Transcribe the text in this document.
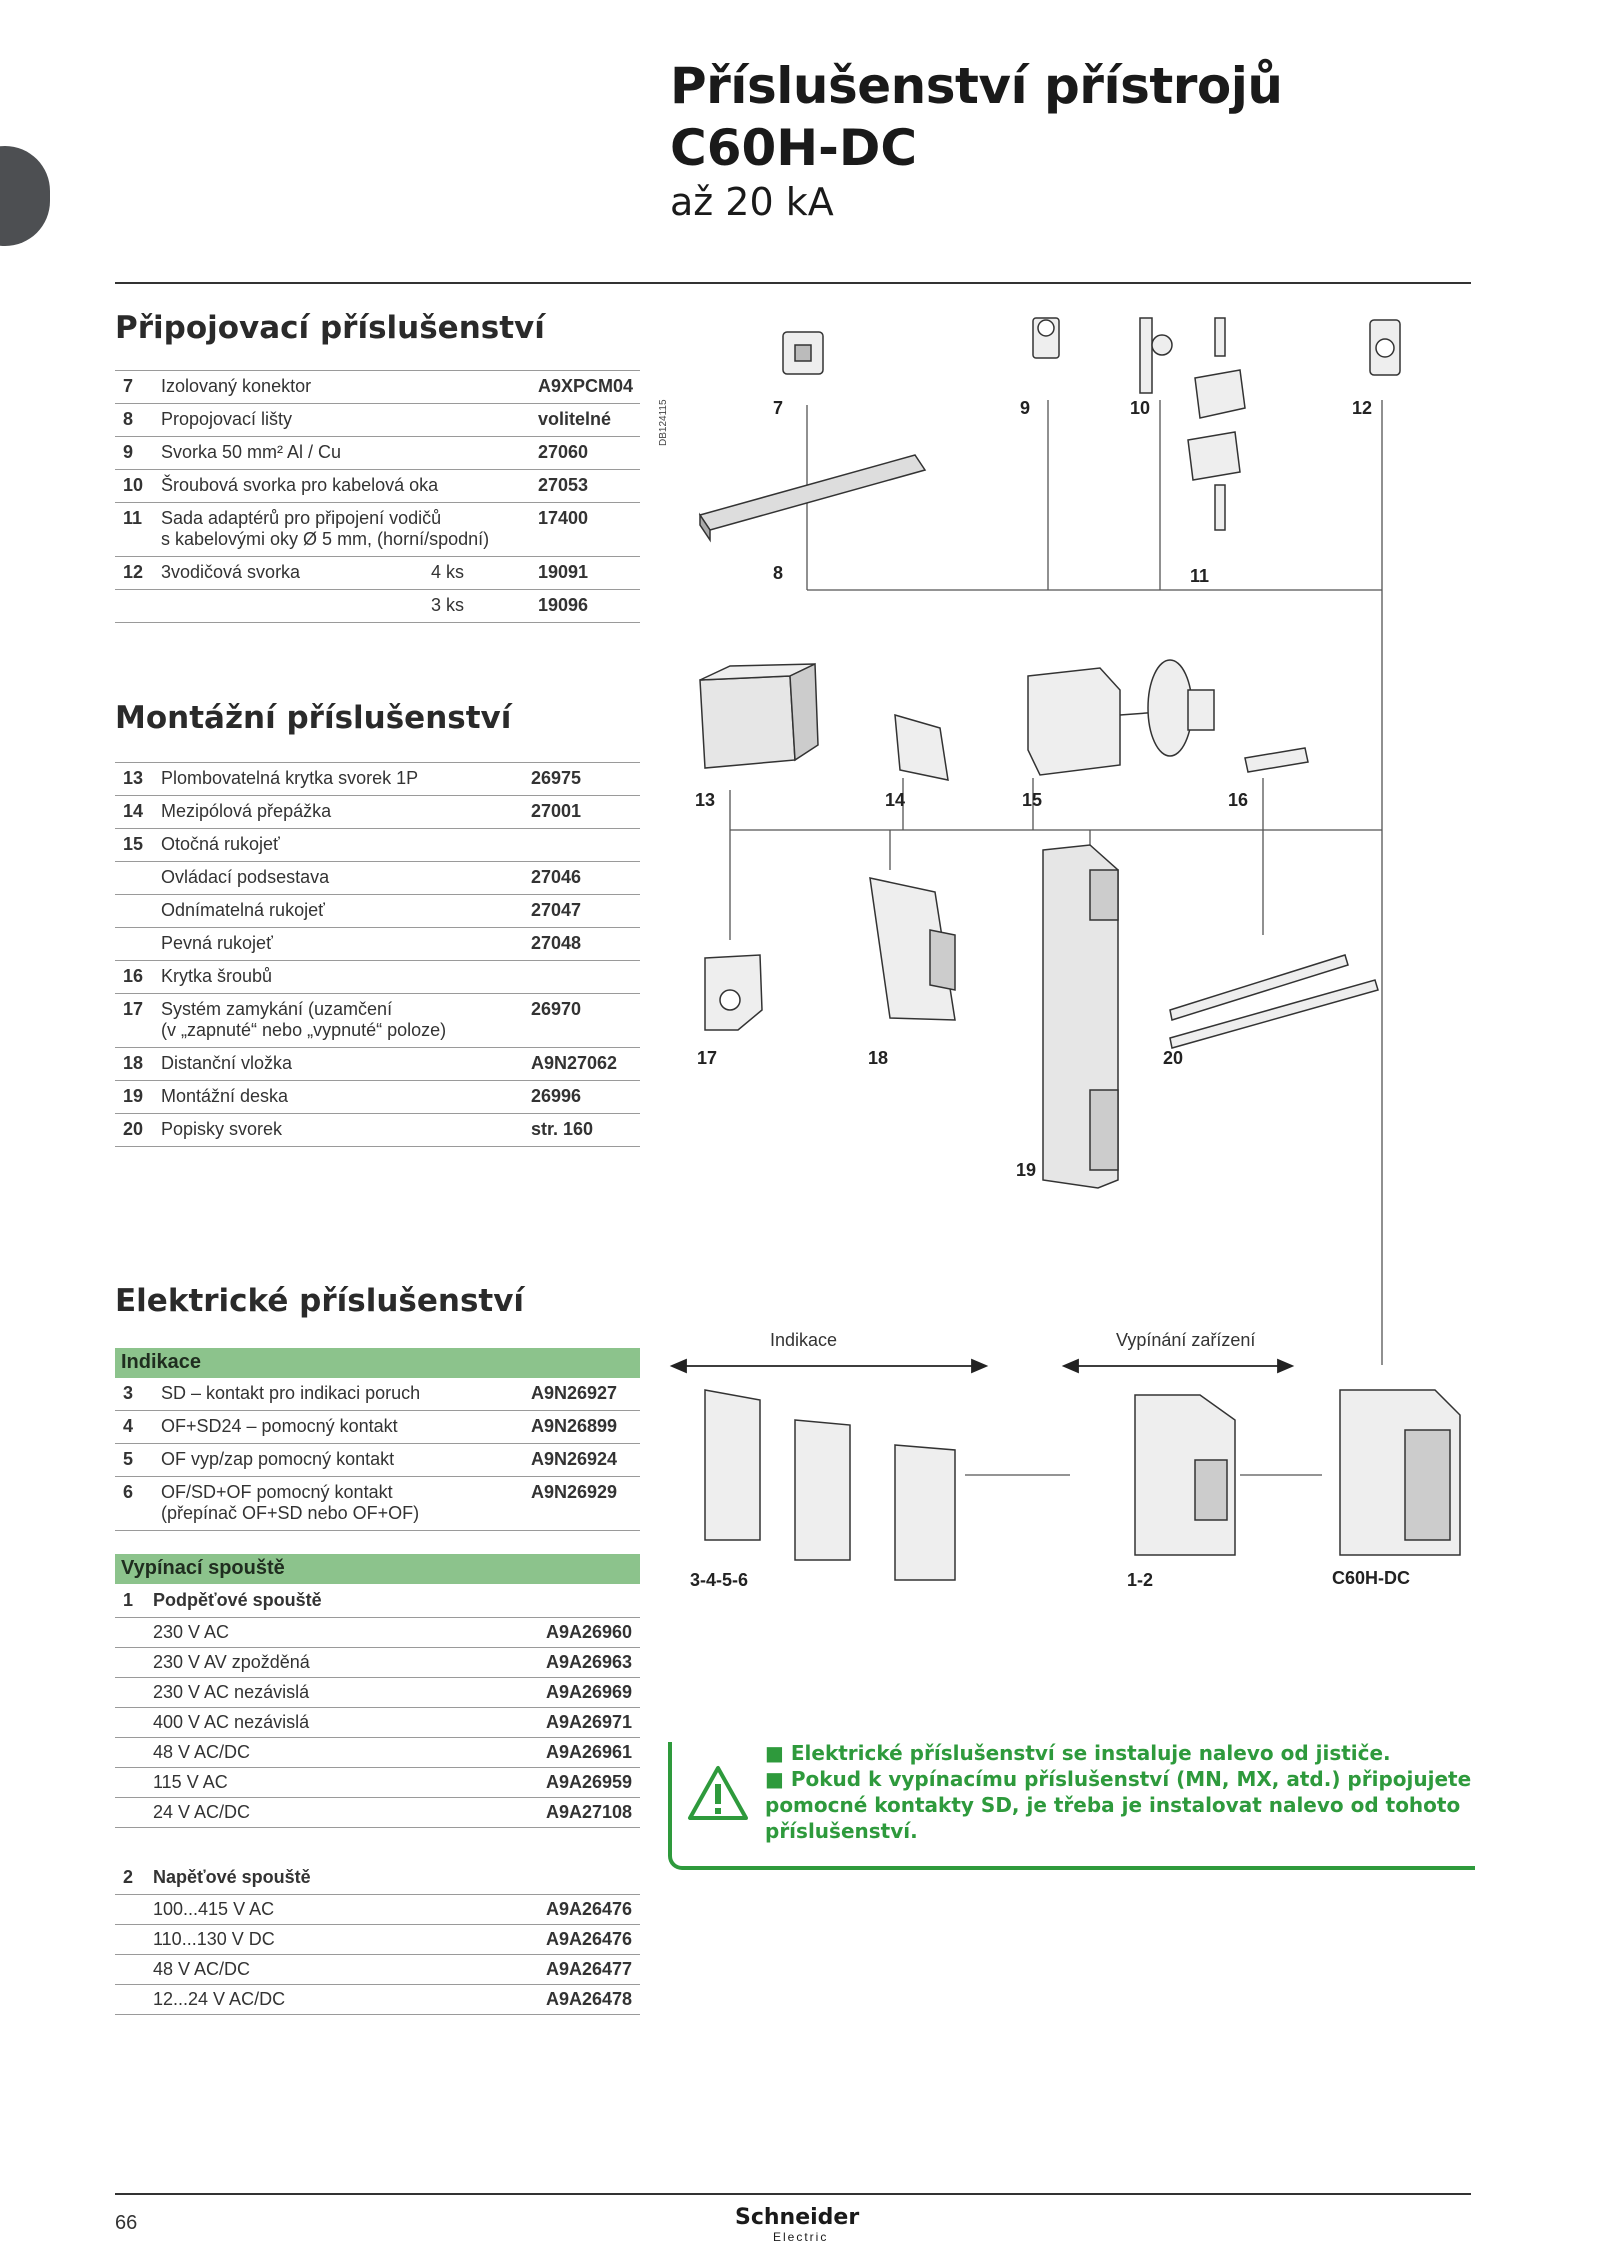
Příslušenství přístrojů
C60H-DC
až 20 kA
Připojovací příslušenství
7	Izolovaný konektor		A9XPCM04
8	Propojovací lišty		volitelné
9	Svorka 50 mm² Al / Cu		27060
10	Šroubová svorka pro kabelová oka		27053
11	Sada adaptérů pro připojení vodičů
s kabelovými oky Ø 5 mm, (horní/spodní)		17400
12	3vodičová svorka	4 ks	19091
		3 ks	19096
Montážní příslušenství
13	Plombovatelná krytka svorek 1P	26975
14	Mezipólová přepážka	27001
15	Otočná rukojeť	
	Ovládací podsestava	27046
	Odnímatelná rukojeť	27047
	Pevná rukojeť	27048
16	Krytka šroubů	
17	Systém zamykání (uzamčení
(v „zapnuté“ nebo „vypnuté“ poloze)	26970
18	Distanční vložka	A9N27062
19	Montážní deska	26996
20	Popisky svorek	str. 160
Elektrické příslušenství
Indikace
3	SD – kontakt pro indikaci poruch	A9N26927
4	OF+SD24 – pomocný kontakt	A9N26899
5	OF vyp/zap pomocný kontakt	A9N26924
6	OF/SD+OF pomocný kontakt
(přepínač OF+SD nebo OF+OF)	A9N26929
Vypínací spouště
1	Podpěťové spouště	
	230 V AC	A9A26960
	230 V AV zpožděná	A9A26963
	230 V AC nezávislá	A9A26969
	400 V AC nezávislá	A9A26971
	48 V AC/DC	A9A26961
	115 V AC	A9A26959
	24 V AC/DC	A9A27108
2	Napěťové spouště	
	100...415 V AC	A9A26476
	110...130 V DC	A9A26476
	48 V AC/DC	A9A26477
	12...24 V AC/DC	A9A26478
DB124115	7
8
9	10
11
12
13	14	15	16
17	18
19
20
Indikace	Vypínání zařízení
3-4-5-6	1-2	C60H-DC
■ Elektrické příslušenství se instaluje nalevo od jističe.
■ Pokud k vypínacímu příslušenství (MN, MX, atd.) připojujete pomocné kontakty SD, je třeba je instalovat nalevo od tohoto příslušenství.
66	Schneider
Electric
